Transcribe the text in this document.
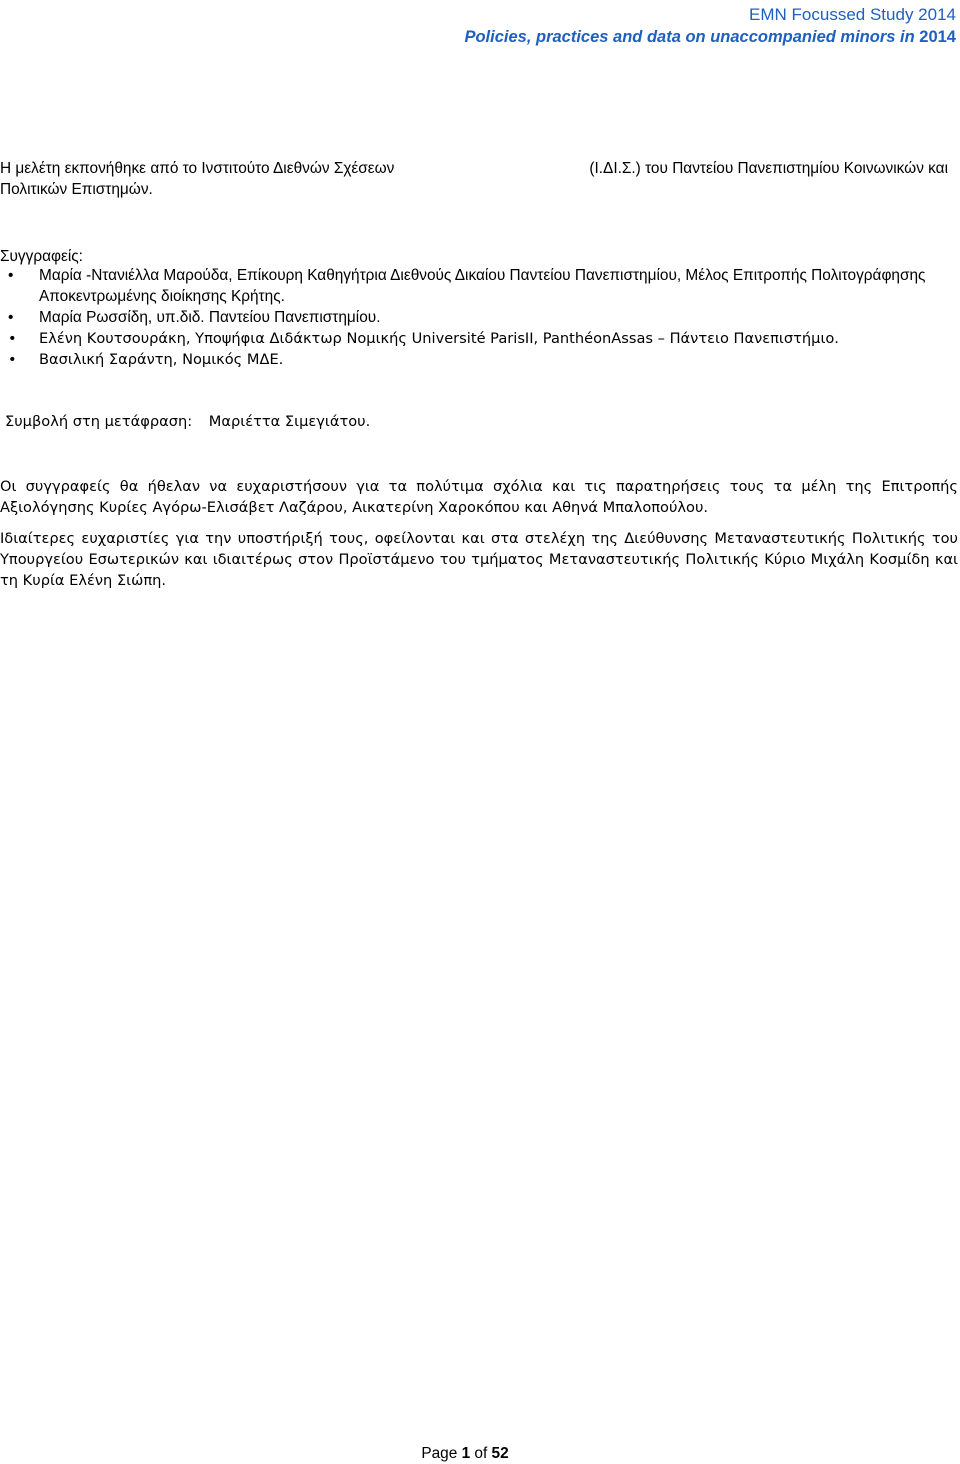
EMN Focussed Study 2014
Policies, practices and data on unaccompanied minors in 2014
Η μελέτη εκπονήθηκε από το Ινστιτούτο Διεθνών Σχέσεων	(Ι.ΔΙ.Σ.) του Παντείου Πανεπιστημίου Κοινωνικών και
Πολιτικών Επιστημών.
Συγγραφείς:
• Μαρία -Ντανιέλλα Μαρούδα, Επίκουρη Καθηγήτρια Διεθνούς Δικαίου Παντείου Πανεπιστημίου, Μέλος Επιτροπής Πολιτογράφησης Αποκεντρωμένης διοίκησης Κρήτης.
• Μαρία Ρωσσίδη, υπ.διδ. Παντείου Πανεπιστημίου.
• Ελένη Κουτσουράκη, Υποψήφια Διδάκτωρ Νομικής Université ParisII, PanthéonAssas – Πάντειο Πανεπιστήμιο.
• Βασιλική Σαράντη, Νομικός ΜΔΕ.
Συμβολή στη μετάφραση: Μαριέττα Σιμεγιάτου.
Οι συγγραφείς θα ήθελαν να ευχαριστήσουν για τα πολύτιμα σχόλια και τις παρατηρήσεις τους τα μέλη της Επιτροπής Αξιολόγησης Κυρίες Αγόρω-Ελισάβετ Λαζάρου, Αικατερίνη Χαροκόπου και Αθηνά Μπαλοπούλου.
Ιδιαίτερες ευχαριστίες για την υποστήριξή τους, οφείλονται και στα στελέχη της Διεύθυνσης Μεταναστευτικής Πολιτικής του Υπουργείου Εσωτερικών και ιδιαιτέρως στον Προϊστάμενο του τμήματος Μεταναστευτικής Πολιτικής Κύριο Μιχάλη Κοσμίδη και τη Κυρία Ελένη Σιώπη.
Page 1 of 52
